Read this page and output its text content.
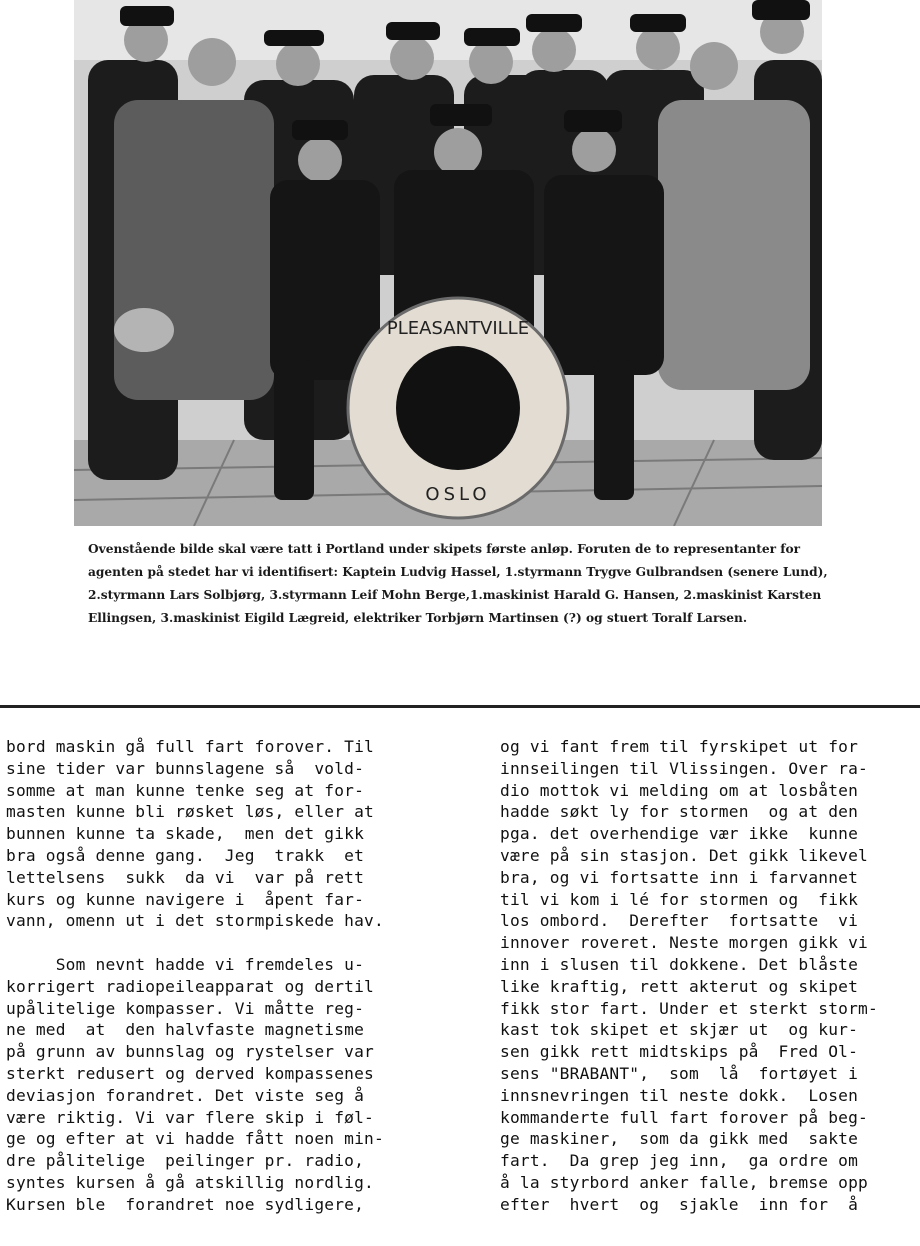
PLEASANTVILLE
OSLO

Ovenstående bilde skal være tatt i Portland under skipets første anløp. Foruten de to representanter for agenten på stedet har vi identifisert: Kaptein Ludvig Hassel, 1.styrmann Trygve Gulbrandsen (senere Lund), 2.styrmann Lars Solbjørg, 3.styrmann Leif Mohn Berge,1.maskinist Harald G. Hansen, 2.maskinist Karsten Ellingsen, 3.maskinist Eigild Lægreid, elektriker Torbjørn Martinsen (?) og stuert Toralf Larsen.

bord maskin gå full fart forover. Til
sine tider var bunnslagene så  vold-
somme at man kunne tenke seg at for-
masten kunne bli røsket løs, eller at
bunnen kunne ta skade,  men det gikk
bra også denne gang.  Jeg  trakk  et
lettelsens  sukk  da vi  var på rett
kurs og kunne navigere i  åpent far-
vann, omenn ut i det stormpiskede hav.

Som nevnt hadde vi fremdeles u-
korrigert radiopeileapparat og dertil
upålitelige kompasser. Vi måtte reg-
ne med  at  den halvfaste magnetisme
på grunn av bunnslag og rystelser var
sterkt redusert og derved kompassenes
deviasjon forandret. Det viste seg å
være riktig. Vi var flere skip i føl-
ge og efter at vi hadde fått noen min-
dre pålitelige  peilinger pr. radio,
syntes kursen å gå atskillig nordlig.
Kursen ble  forandret noe sydligere,

og vi fant frem til fyrskipet ut for
innseilingen til Vlissingen. Over ra-
dio mottok vi melding om at losbåten
hadde søkt ly for stormen  og at den
pga. det overhendige vær ikke  kunne
være på sin stasjon. Det gikk likevel
bra, og vi fortsatte inn i farvannet
til vi kom i lé for stormen og  fikk
los ombord.  Derefter  fortsatte  vi
innover roveret. Neste morgen gikk vi
inn i slusen til dokkene. Det blåste
like kraftig, rett akterut og skipet
fikk stor fart. Under et sterkt storm-
kast tok skipet et skjær ut  og kur-
sen gikk rett midtskips på  Fred Ol-
sens "BRABANT",  som  lå  fortøyet i
innsnevringen til neste dokk.  Losen
kommanderte full fart forover på beg-
ge maskiner,  som da gikk med  sakte
fart.  Da grep jeg inn,  ga ordre om
å la styrbord anker falle, bremse opp
efter  hvert  og  sjakle  inn for  å
